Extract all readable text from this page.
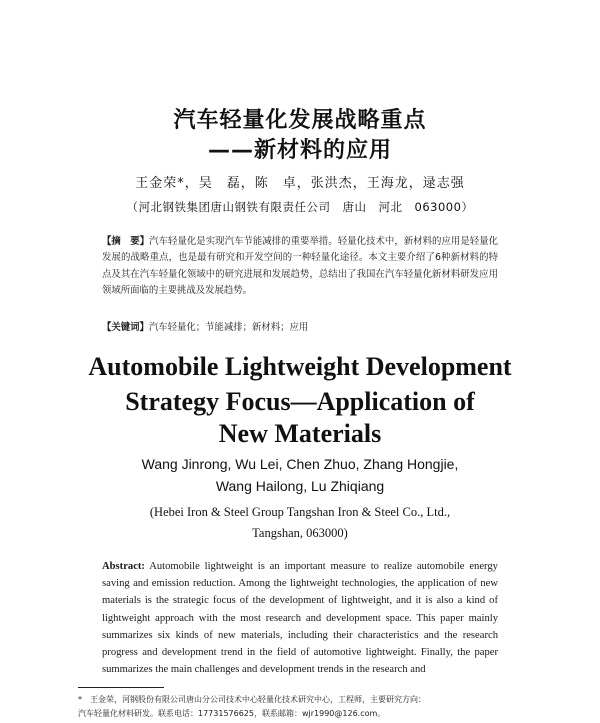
汽车轻量化发展战略重点
——新材料的应用
王金荣*，吴　磊，陈　卓，张洪杰，王海龙，逯志强
（河北钢铁集团唐山钢铁有限责任公司　唐山　河北　063000）
【摘　要】汽车轻量化是实现汽车节能减排的重要举措。轻量化技术中，新材料的应用是轻量化发展的战略重点，也是最有研究和开发空间的一种轻量化途径。本文主要介绍了6种新材料的特点及其在汽车轻量化领域中的研究进展和发展趋势，总结出了我国在汽车轻量化新材料研发应用领域所面临的主要挑战及发展趋势。
【关键词】汽车轻量化；节能减排；新材料；应用
Automobile Lightweight Development
Strategy Focus—Application of
New Materials
Wang Jinrong, Wu Lei, Chen Zhuo, Zhang Hongjie,
Wang Hailong, Lu Zhiqiang
(Hebei Iron & Steel Group Tangshan Iron & Steel Co., Ltd.,
Tangshan, 063000)
Abstract: Automobile lightweight is an important measure to realize automobile energy saving and emission reduction. Among the lightweight technologies, the application of new materials is the strategic focus of the development of lightweight, and it is also a kind of lightweight approach with the most research and development space. This paper mainly summarizes six kinds of new materials, including their characteristics and the research progress and development trend in the field of automotive lightweight. Finally, the paper summarizes the main challenges and development trends in the research and
*　王金荣，河钢股份有限公司唐山分公司技术中心轻量化技术研究中心，工程师，主要研究方向：
汽车轻量化材料研发。联系电话：17731576625，联系邮箱：wjr1990@126.com。
